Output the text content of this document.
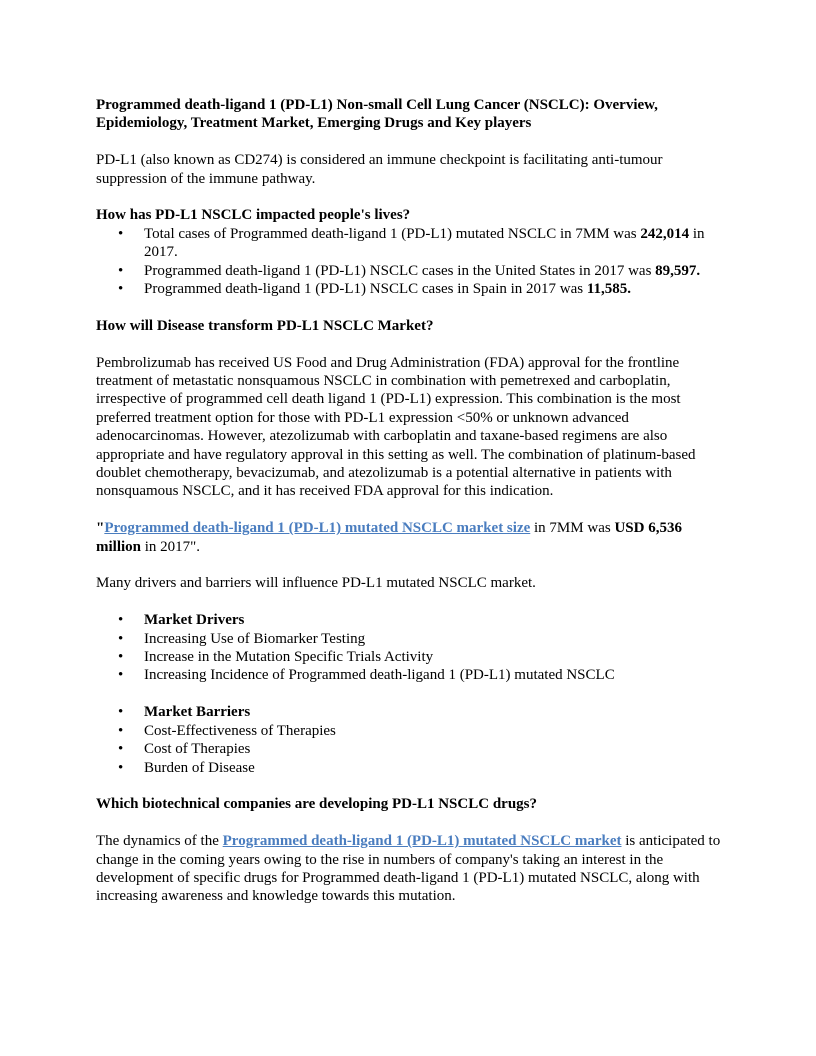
Programmed death-ligand 1 (PD-L1) Non-small Cell Lung Cancer (NSCLC): Overview, Epidemiology, Treatment Market, Emerging Drugs and Key players

PD-L1 (also known as CD274) is considered an immune checkpoint is facilitating anti-tumour suppression of the immune pathway.

How has PD-L1 NSCLC impacted people's lives?

• Total cases of Programmed death-ligand 1 (PD-L1) mutated NSCLC in 7MM was 242,014 in 2017.
• Programmed death-ligand 1 (PD-L1) NSCLC cases in the United States in 2017 was 89,597.
• Programmed death-ligand 1 (PD-L1) NSCLC cases in Spain in 2017 was 11,585.

How will Disease transform PD-L1 NSCLC Market?

Pembrolizumab has received US Food and Drug Administration (FDA) approval for the frontline treatment of metastatic nonsquamous NSCLC in combination with pemetrexed and carboplatin, irrespective of programmed cell death ligand 1 (PD-L1) expression. This combination is the most preferred treatment option for those with PD-L1 expression <50% or unknown advanced adenocarcinomas. However, atezolizumab with carboplatin and taxane-based regimens are also appropriate and have regulatory approval in this setting as well. The combination of platinum-based doublet chemotherapy, bevacizumab, and atezolizumab is a potential alternative in patients with nonsquamous NSCLC, and it has received FDA approval for this indication.

"Programmed death-ligand 1 (PD-L1) mutated NSCLC market size in 7MM was USD 6,536 million in 2017".

Many drivers and barriers will influence PD-L1 mutated NSCLC market.

• Market Drivers
• Increasing Use of Biomarker Testing
• Increase in the Mutation Specific Trials Activity
• Increasing Incidence of Programmed death-ligand 1 (PD-L1) mutated NSCLC
• Market Barriers
• Cost-Effectiveness of Therapies
• Cost of Therapies
• Burden of Disease

Which biotechnical companies are developing PD-L1 NSCLC drugs?

The dynamics of the Programmed death-ligand 1 (PD-L1) mutated NSCLC market is anticipated to change in the coming years owing to the rise in numbers of company's taking an interest in the development of specific drugs for Programmed death-ligand 1 (PD-L1) mutated NSCLC, along with increasing awareness and knowledge towards this mutation.
